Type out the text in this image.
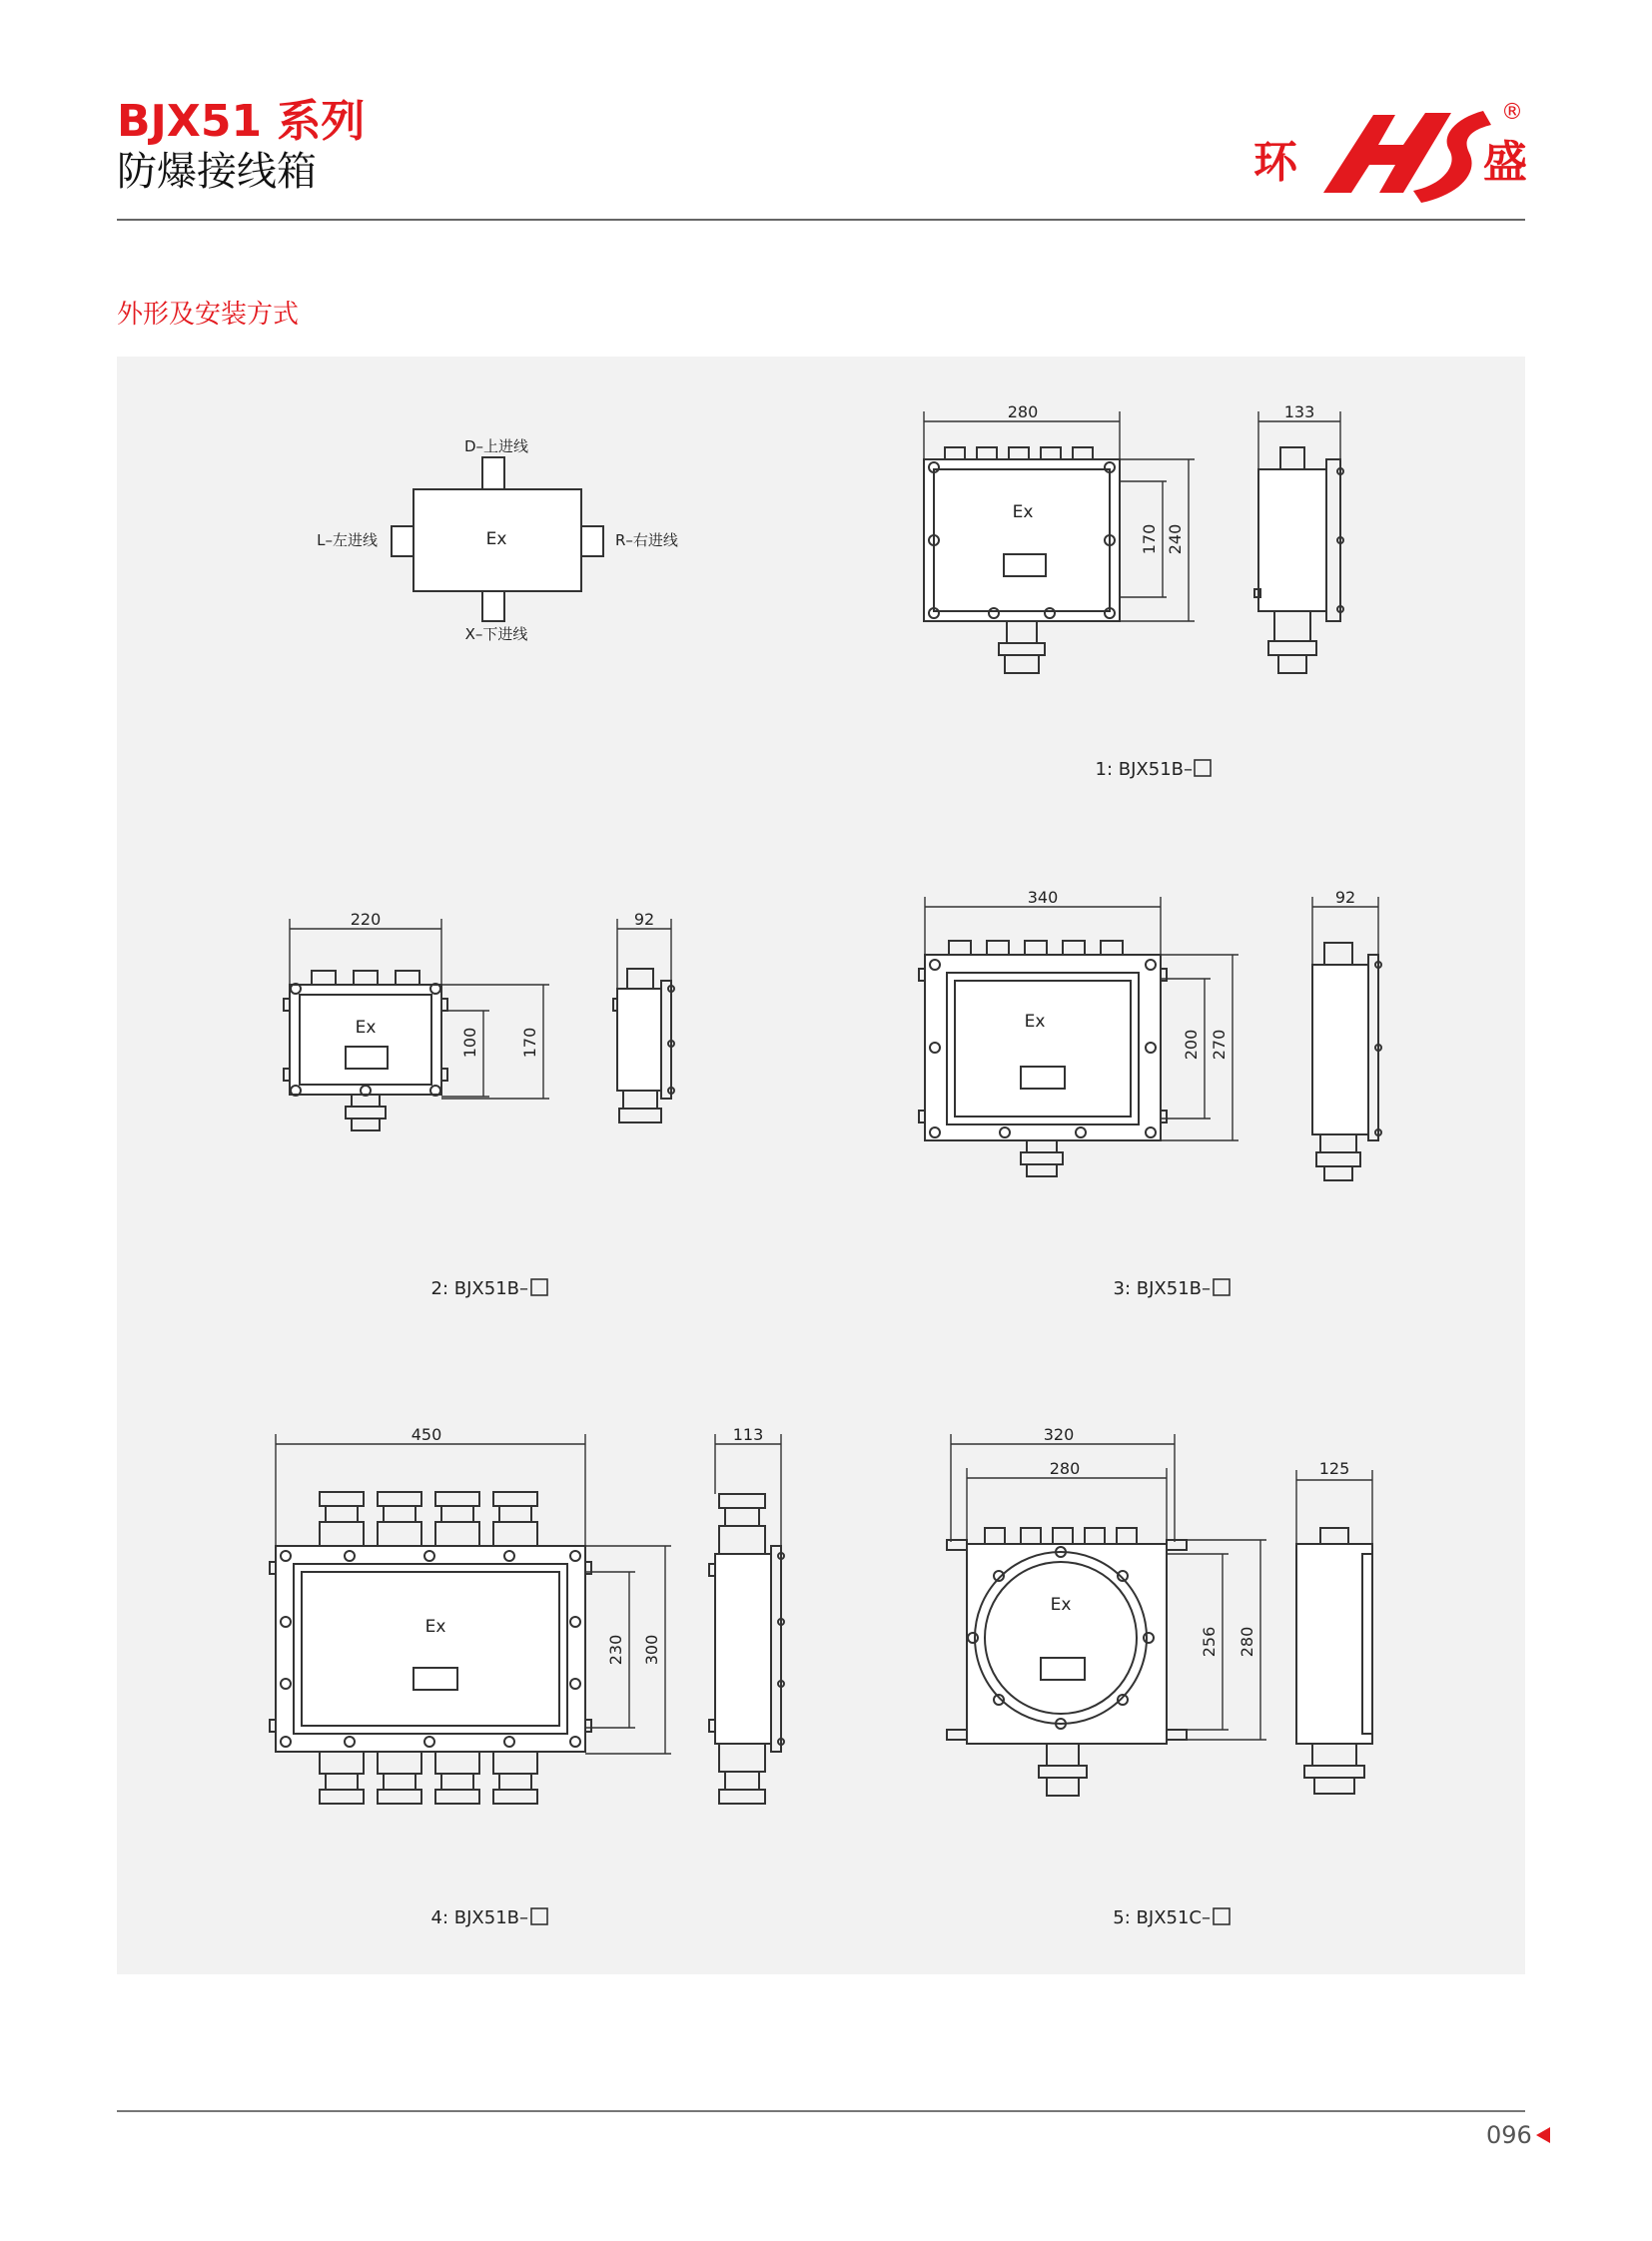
BJX51 系列
防爆接线箱	环	盛
®
外形及安装方式
Ex
D–上进线
L–左进线	R–右进线
X–下进线
Ex
280
170 240
133
1: BJX51B–
Ex
220
100	170
92
2: BJX51B–
Ex
340
200 270
92
3: BJX51B–
Ex
450
230 300
113
4: BJX51B–
Ex
320
280
256 280
125
5: BJX51C–
096
